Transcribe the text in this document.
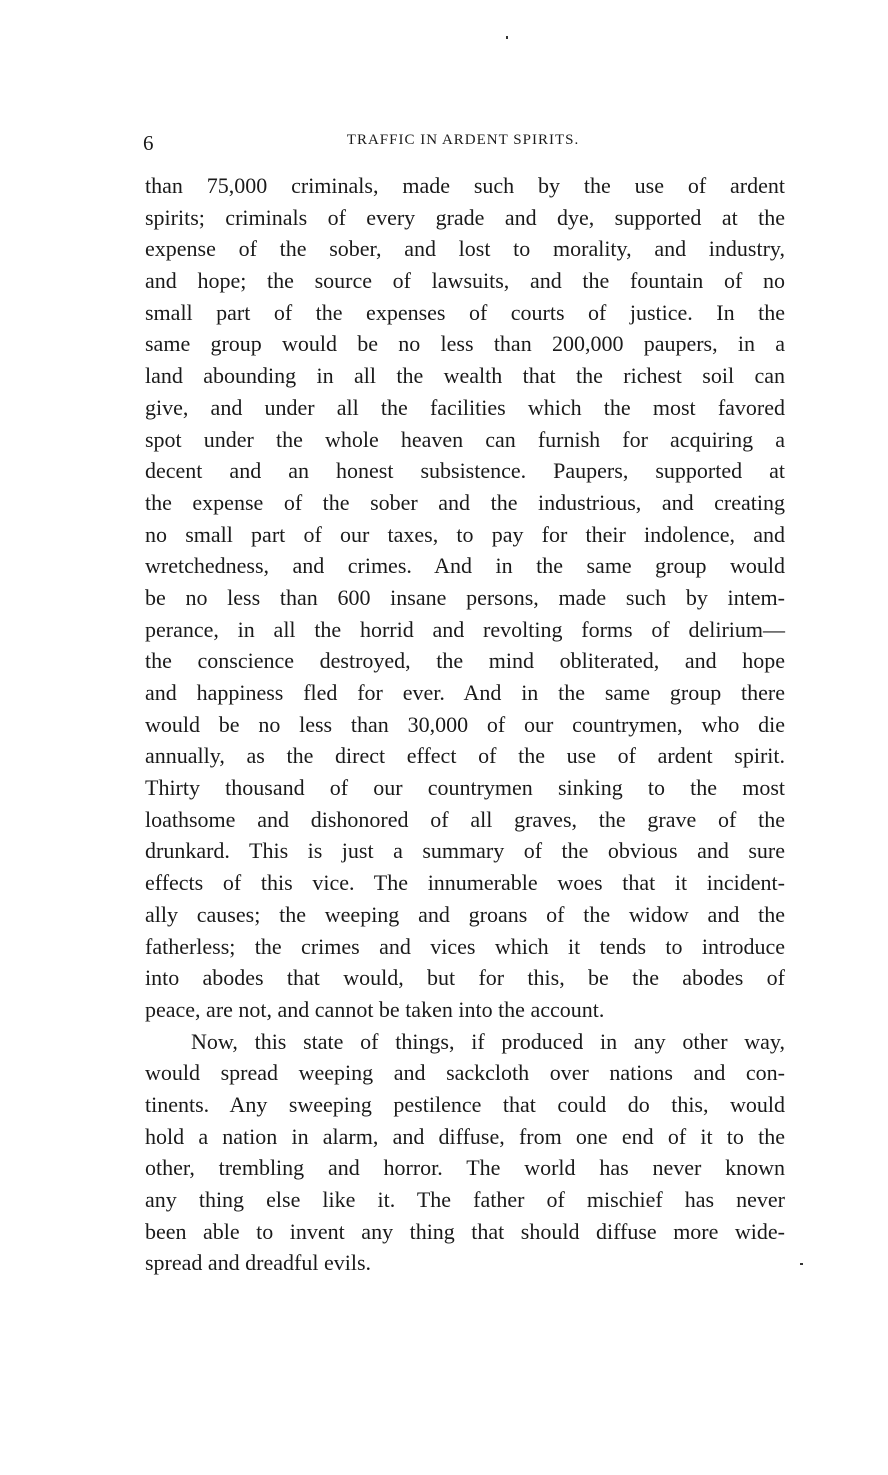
6	TRAFFIC IN ARDENT SPIRITS.
than 75,000 criminals, made such by the use of ardent
spirits; criminals of every grade and dye, supported at the
expense of the sober, and lost to morality, and industry,
and hope; the source of lawsuits, and the fountain of no
small part of the expenses of courts of justice. In the
same group would be no less than 200,000 paupers, in a
land abounding in all the wealth that the richest soil can
give, and under all the facilities which the most favored
spot under the whole heaven can furnish for acquiring a
decent and an honest subsistence. Paupers, supported at
the expense of the sober and the industrious, and creating
no small part of our taxes, to pay for their indolence, and
wretchedness, and crimes. And in the same group would
be no less than 600 insane persons, made such by intem-
perance, in all the horrid and revolting forms of delirium—
the conscience destroyed, the mind obliterated, and hope
and happiness fled for ever. And in the same group there
would be no less than 30,000 of our countrymen, who die
annually, as the direct effect of the use of ardent spirit.
Thirty thousand of our countrymen sinking to the most
loathsome and dishonored of all graves, the grave of the
drunkard. This is just a summary of the obvious and sure
effects of this vice. The innumerable woes that it incident-
ally causes; the weeping and groans of the widow and the
fatherless; the crimes and vices which it tends to introduce
into abodes that would, but for this, be the abodes of
peace, are not, and cannot be taken into the account.
Now, this state of things, if produced in any other way,
would spread weeping and sackcloth over nations and con-
tinents. Any sweeping pestilence that could do this, would
hold a nation in alarm, and diffuse, from one end of it to the
other, trembling and horror. The world has never known
any thing else like it. The father of mischief has never
been able to invent any thing that should diffuse more wide-
spread and dreadful evils.
